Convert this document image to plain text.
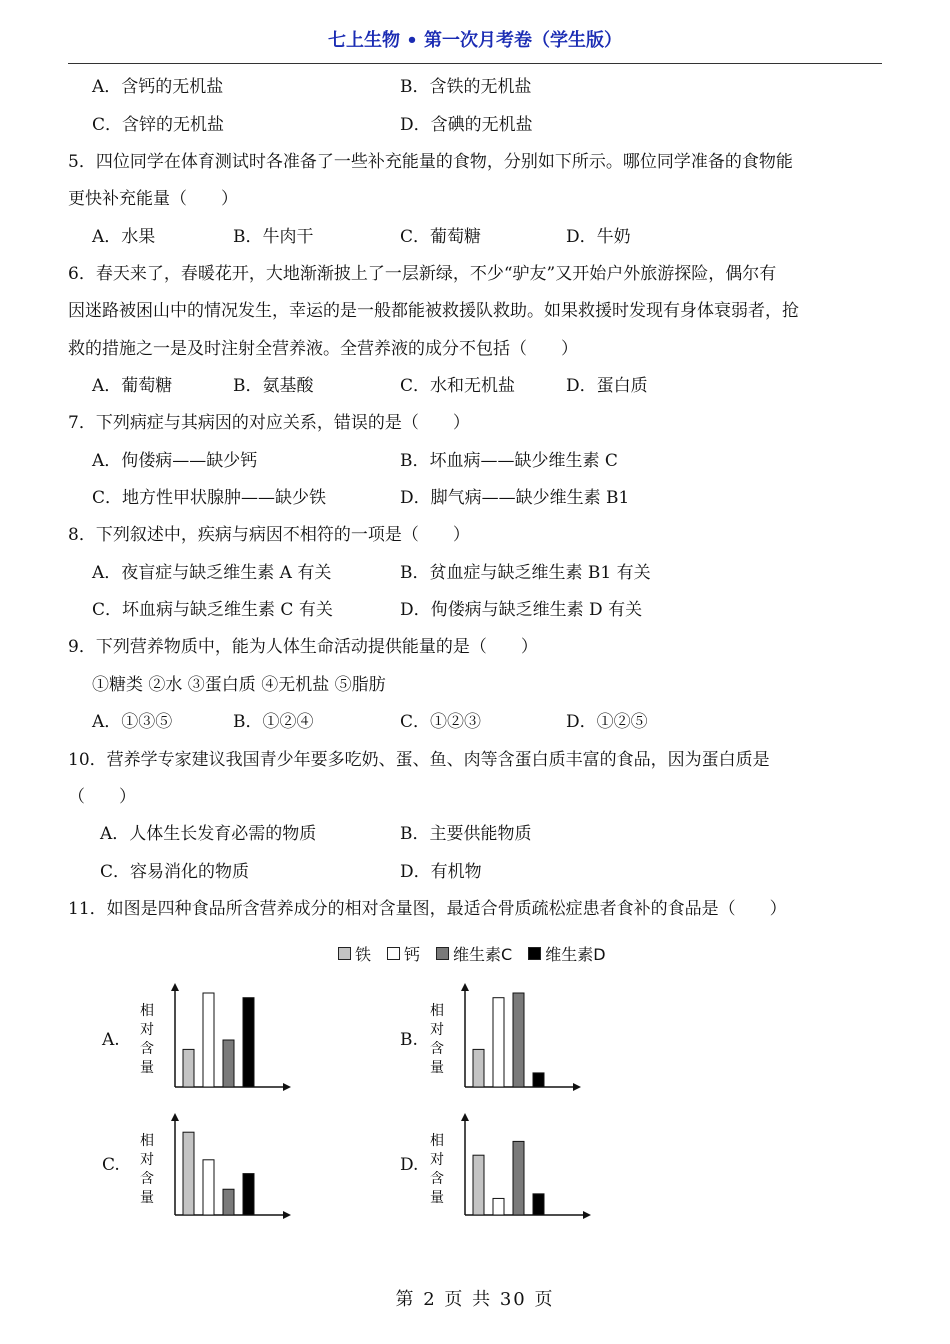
七上生物 • 第一次月考卷（学生版）
A．含钙的无机盐	B．含铁的无机盐
C．含锌的无机盐	D．含碘的无机盐
5．四位同学在体育测试时各准备了一些补充能量的食物，分别如下所示。哪位同学准备的食物能
更快补充能量（　　）
A．水果	B．牛肉干	C．葡萄糖	D．牛奶
6．春天来了，春暖花开，大地渐渐披上了一层新绿，不少“驴友”又开始户外旅游探险，偶尔有
因迷路被困山中的情况发生，幸运的是一般都能被救援队救助。如果救援时发现有身体衰弱者，抢
救的措施之一是及时注射全营养液。全营养液的成分不包括（　　）
A．葡萄糖	B．氨基酸	C．水和无机盐	D．蛋白质
7．下列病症与其病因的对应关系，错误的是（　　）
A．佝偻病——缺少钙	B．坏血病——缺少维生素 C
C．地方性甲状腺肿——缺少铁	D．脚气病——缺少维生素 B1
8．下列叙述中，疾病与病因不相符的一项是（　　）
A．夜盲症与缺乏维生素 A 有关	B．贫血症与缺乏维生素 B1 有关
C．坏血病与缺乏维生素 C 有关	D．佝偻病与缺乏维生素 D 有关
9．下列营养物质中，能为人体生命活动提供能量的是（　　）
①糖类 ②水 ③蛋白质 ④无机盐 ⑤脂肪
A．①③⑤	B．①②④	C．①②③	D．①②⑤
10．营养学专家建议我国青少年要多吃奶、蛋、鱼、肉等含蛋白质丰富的食品，因为蛋白质是
（　　）
A．人体生长发育必需的物质	B．主要供能物质
C．容易消化的物质	D．有机物
11．如图是四种食品所含营养成分的相对含量图，最适合骨质疏松症患者食补的食品是（　　）
铁 钙 维生素C 维生素D
A.
相
对
含
量
B.
相
对
含
量
C.
相
对
含
量
D.
相
对
含
量
第 2 页 共 30 页
